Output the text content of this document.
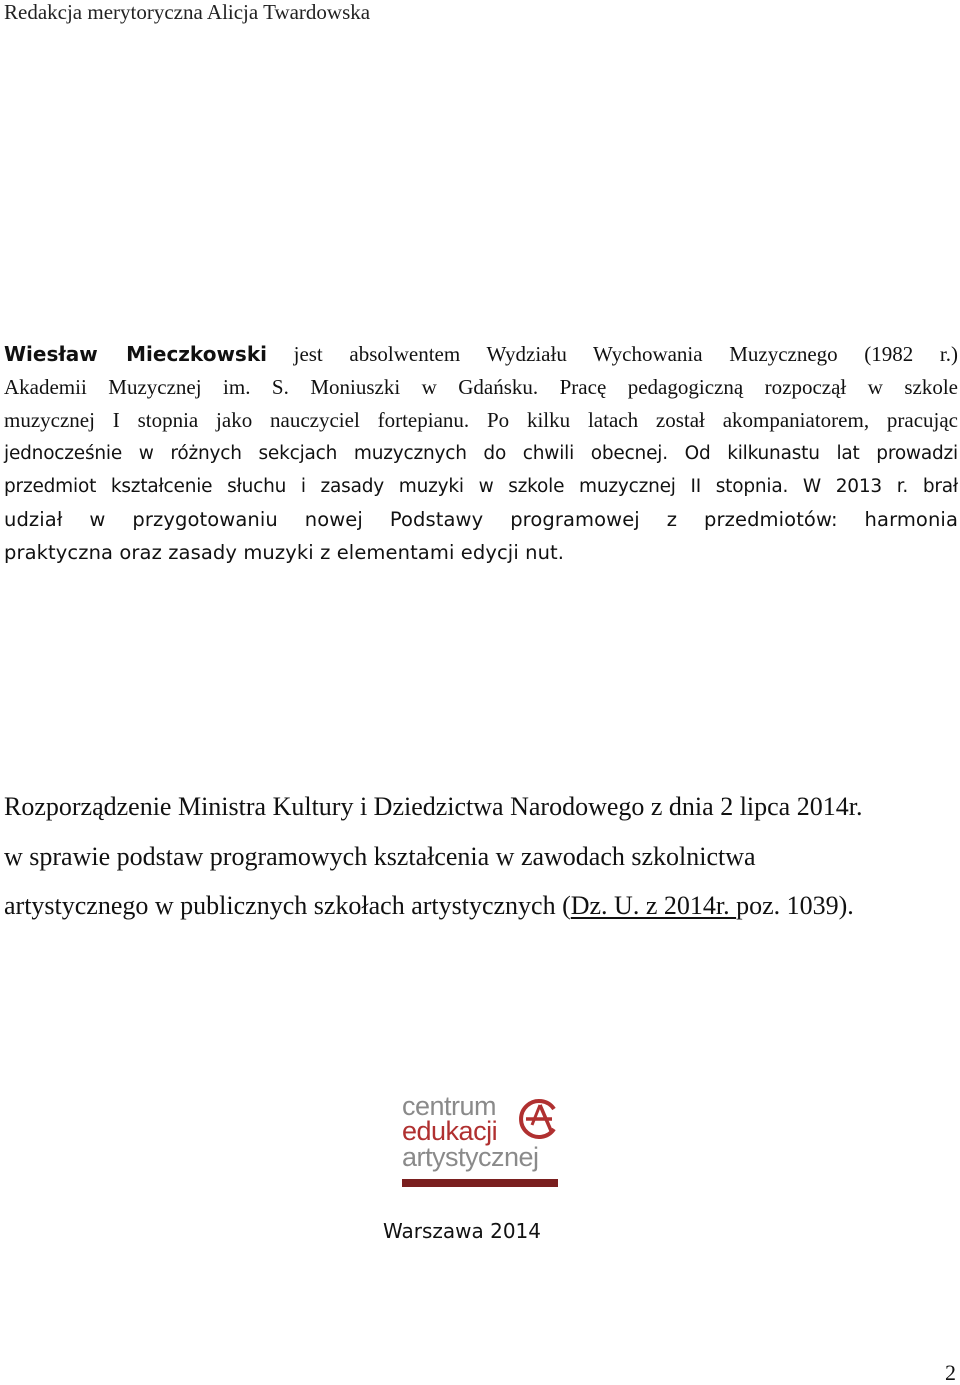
Redakcja merytoryczna Alicja Twardowska
Wiesław Mieczkowski jest absolwentem Wydziału Wychowania Muzycznego (1982 r.)
Akademii Muzycznej im. S. Moniuszki w Gdańsku. Pracę pedagogiczną rozpoczął w szkole
muzycznej I stopnia jako nauczyciel fortepianu. Po kilku latach został akompaniatorem, pracując
jednocześnie w różnych sekcjach muzycznych do chwili obecnej. Od kilkunastu lat prowadzi
przedmiot kształcenie słuchu i zasady muzyki w szkole muzycznej II stopnia. W 2013 r. brał
udział w przygotowaniu nowej Podstawy programowej z przedmiotów: harmonia
praktyczna oraz zasady muzyki z elementami edycji nut.
Rozporządzenie Ministra Kultury i Dziedzictwa Narodowego z dnia 2 lipca 2014r.
w sprawie podstaw programowych kształcenia w zawodach szkolnictwa
artystycznego w publicznych szkołach artystycznych (Dz. U. z 2014r. poz. 1039).
centrum
edukacji
artystycznej
Warszawa 2014
2
